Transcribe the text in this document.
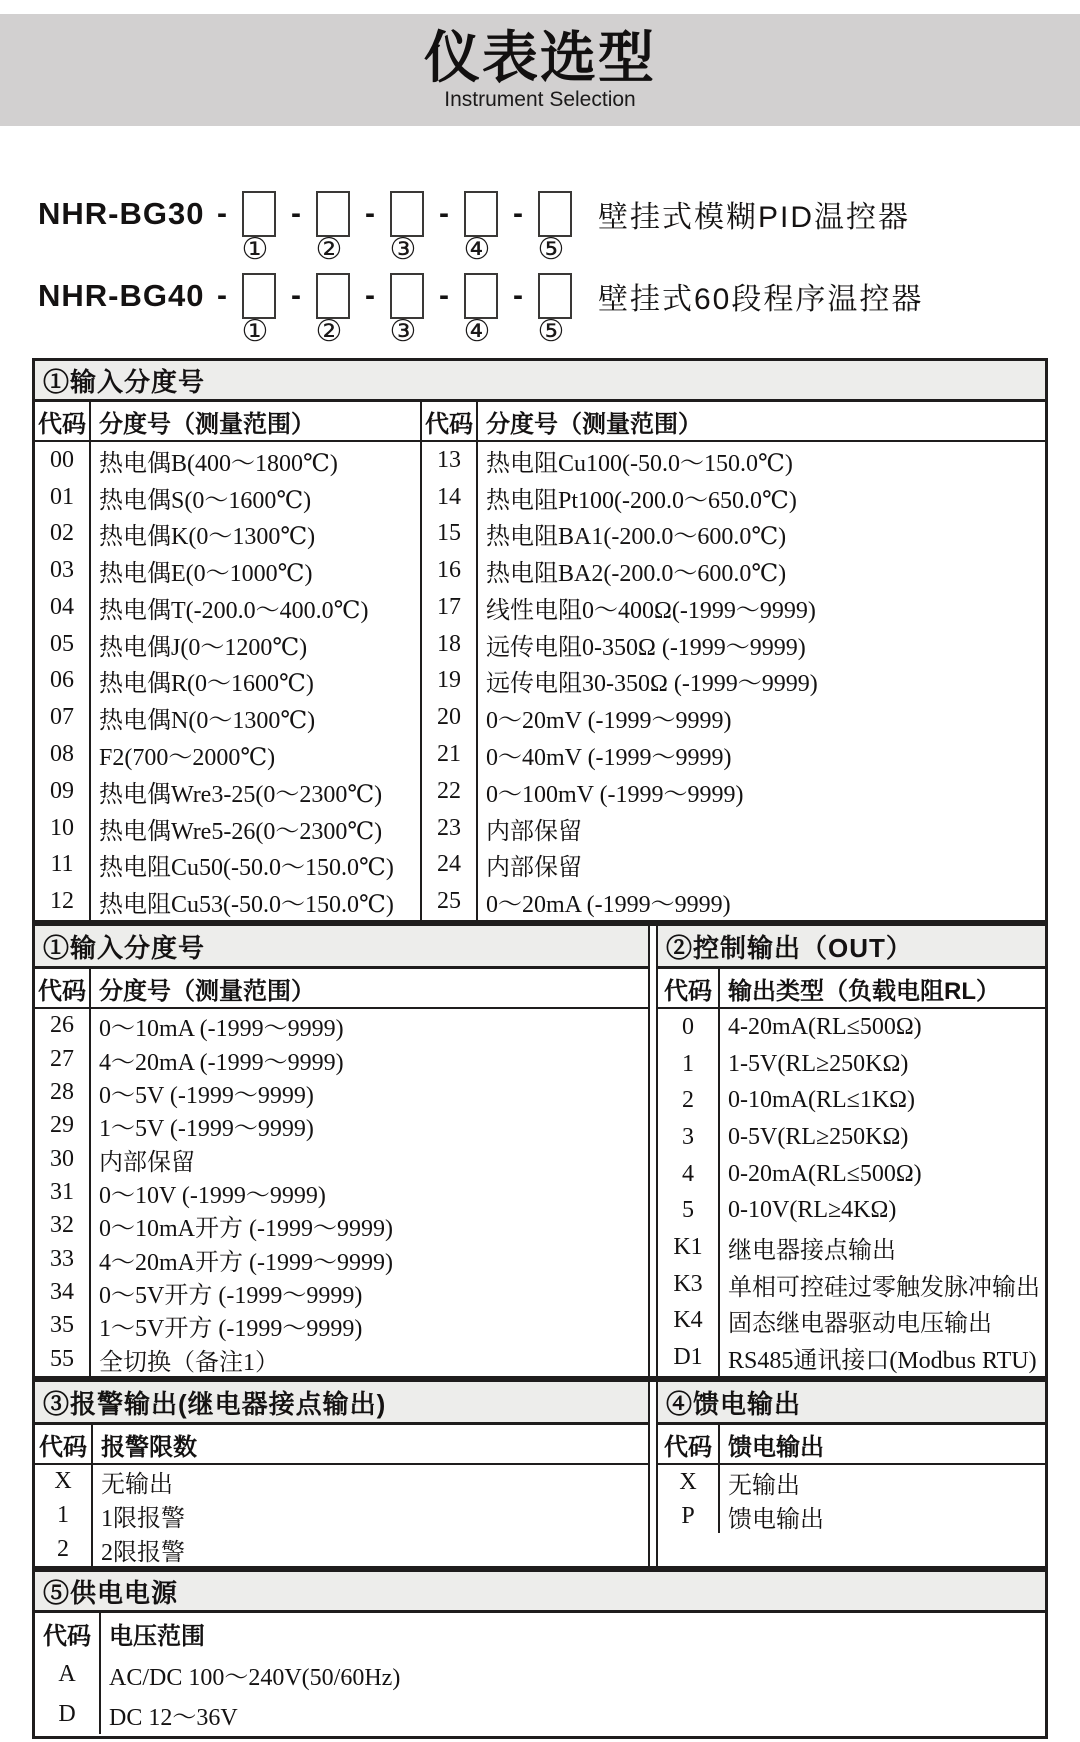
仪表选型
Instrument Selection
NHR-BG30 - - - - -	壁挂式模糊PID温控器
① ② ③ ④ ⑤
NHR-BG40 - - - - -	壁挂式60段程序温控器
① ② ③ ④ ⑤
①输入分度号
代码 分度号（测量范围）
00	热电偶B(400～1800℃)
01	热电偶S(0～1600℃)
02	热电偶K(0～1300℃)
03	热电偶E(0～1000℃)
04	热电偶T(-200.0～400.0℃)
05	热电偶J(0～1200℃)
06	热电偶R(0～1600℃)
07	热电偶N(0～1300℃)
08	F2(700～2000℃)
09	热电偶Wre3-25(0～2300℃)
10	热电偶Wre5-26(0～2300℃)
11	热电阻Cu50(-50.0～150.0℃)
12	热电阻Cu53(-50.0～150.0℃)
代码 分度号（测量范围）
13	热电阻Cu100(-50.0～150.0℃)
14	热电阻Pt100(-200.0～650.0℃)
15	热电阻BA1(-200.0～600.0℃)
16	热电阻BA2(-200.0～600.0℃)
17	线性电阻0～400Ω(-1999～9999)
18	远传电阻0-350Ω (-1999～9999)
19	远传电阻30-350Ω (-1999～9999)
20	0～20mV (-1999～9999)
21	0～40mV (-1999～9999)
22	0～100mV (-1999～9999)
23	内部保留
24	内部保留
25	0～20mA (-1999～9999)
①输入分度号
代码 分度号（测量范围）
26	0～10mA (-1999～9999)
27	4～20mA (-1999～9999)
28	0～5V (-1999～9999)
29	1～5V (-1999～9999)
30	内部保留
31	0～10V (-1999～9999)
32	0～10mA开方 (-1999～9999)
33	4～20mA开方 (-1999～9999)
34	0～5V开方 (-1999～9999)
35	1～5V开方 (-1999～9999)
55	全切换（备注1）
②控制输出（OUT）
代码 输出类型（负载电阻RL）
0	4-20mA(RL≤500Ω)
1	1-5V(RL≥250KΩ)
2	0-10mA(RL≤1KΩ)
3	0-5V(RL≥250KΩ)
4	0-20mA(RL≤500Ω)
5	0-10V(RL≥4KΩ)
K1	继电器接点输出
K3	单相可控硅过零触发脉冲输出
K4	固态继电器驱动电压输出
D1	RS485通讯接口(Modbus RTU)
③报警输出(继电器接点输出)
代码 报警限数
X	无输出
1	1限报警
2	2限报警
④馈电输出
代码 馈电输出
X	无输出
P	馈电输出
⑤供电电源
代码 电压范围
A	AC/DC 100～240V(50/60Hz)
D	DC 12～36V
